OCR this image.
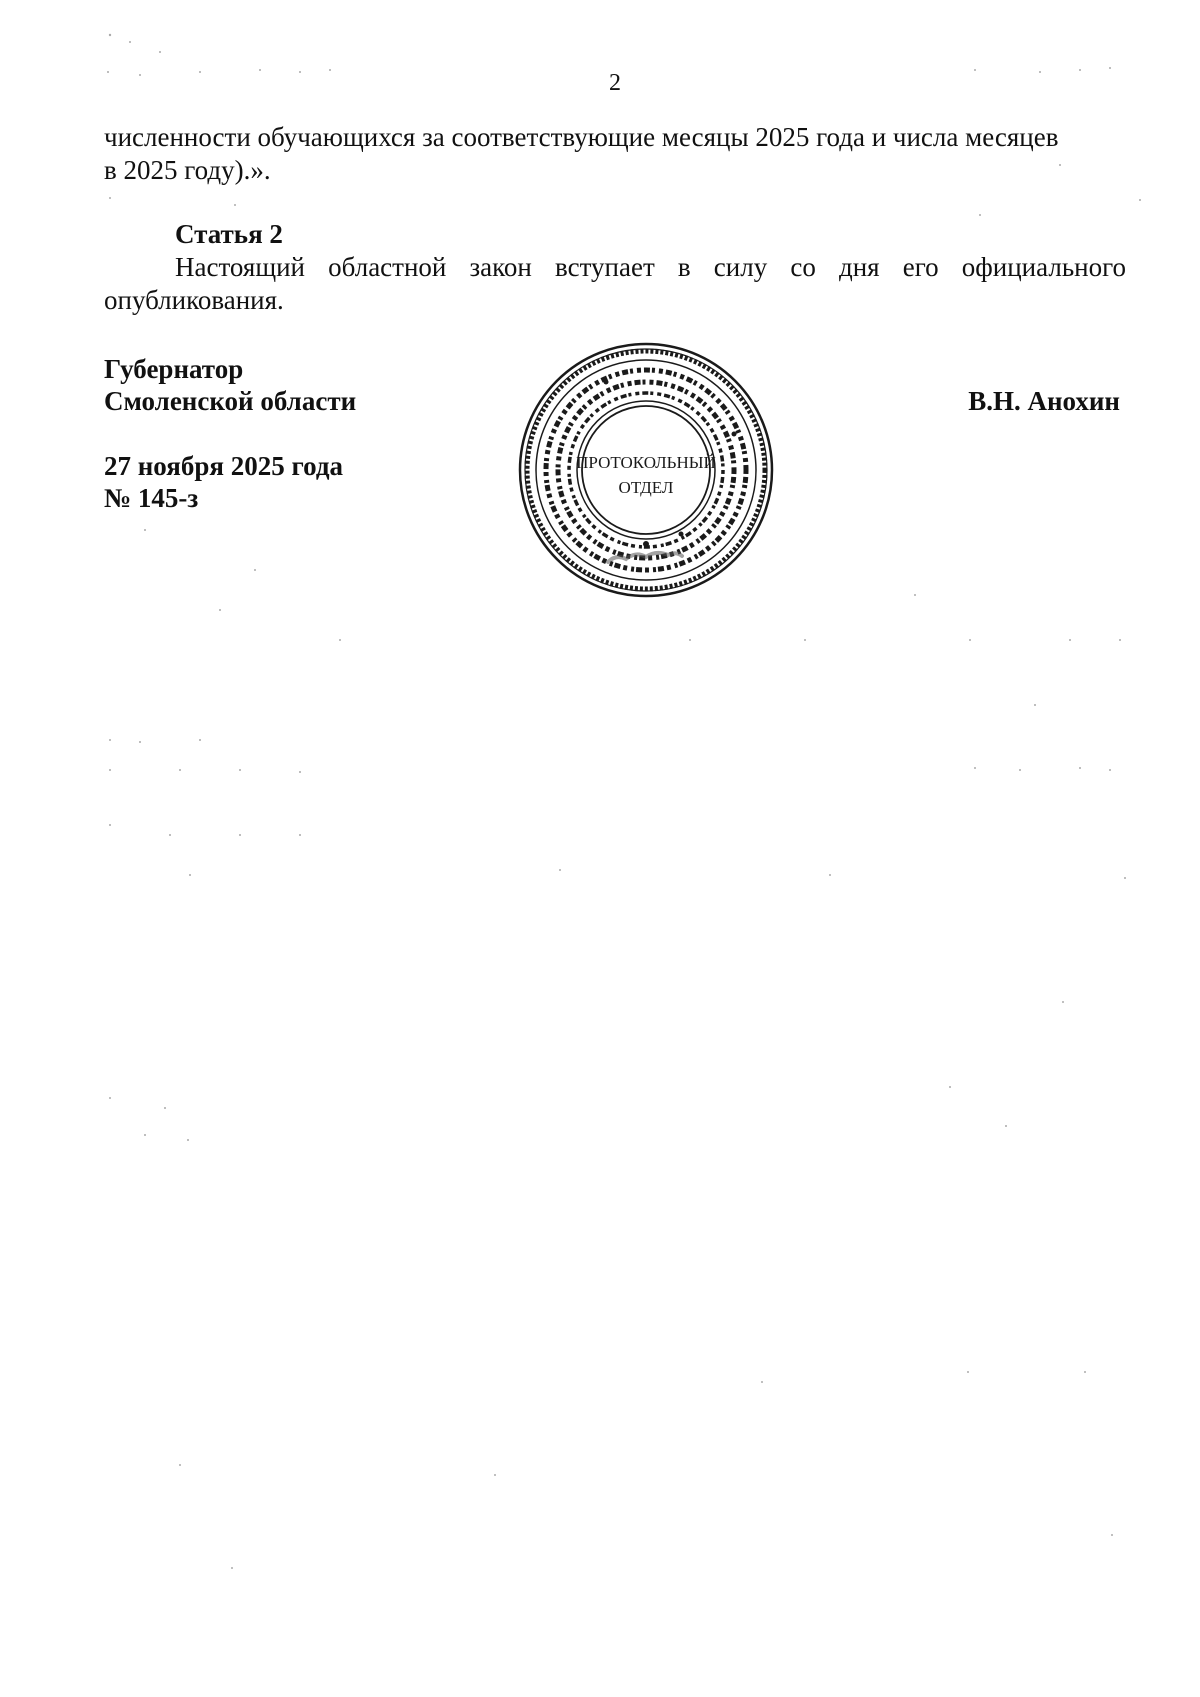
2
численности обучающихся за соответствующие месяцы 2025 года и числа месяцев
в 2025 году).».
Статья 2
Настоящий областной закон вступает в силу со дня его официального опубликования.
Губернатор
Смоленской области	В.Н. Анохин
27 ноября 2025 года
№ 145-з
ПРОТОКОЛЬНЫЙ
ОТДЕЛ
